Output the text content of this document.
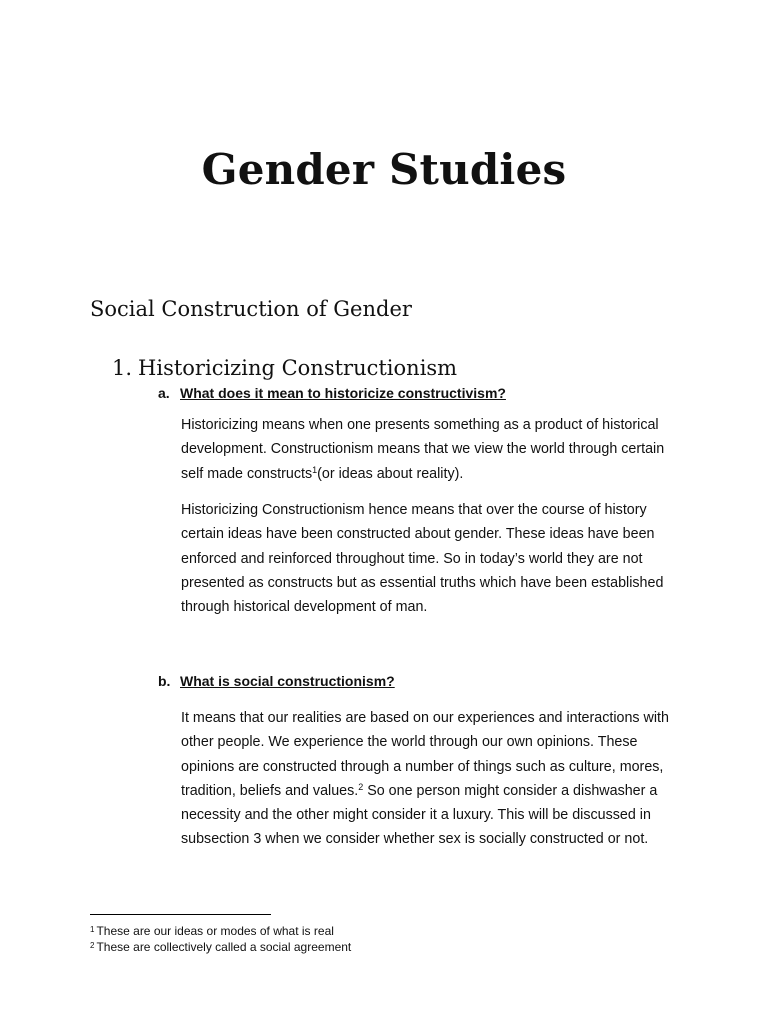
Gender Studies
Social Construction of Gender
1. Historicizing Constructionism
a. What does it mean to historicize constructivism?

Historicizing means when one presents something as a product of historical development. Constructionism means that we view the world through certain self made constructs$^1$(or ideas about reality).

Historicizing Constructionism hence means that over the course of history certain ideas have been constructed about gender. These ideas have been enforced and reinforced throughout time. So in today’s world they are not presented as constructs but as essential truths which have been established through historical development of man.

b. What is social constructionism?

It means that our realities are based on our experiences and interactions with other people. We experience the world through our own opinions. These opinions are constructed through a number of things such as culture, mores, tradition, beliefs and values.$^2$ So one person might consider a dishwasher a necessity and the other might consider it a luxury. This will be discussed in subsection 3 when we consider whether sex is socially constructed or not.

$^1$ These are our ideas or modes of what is real
$^2$ These are collectively called a social agreement
